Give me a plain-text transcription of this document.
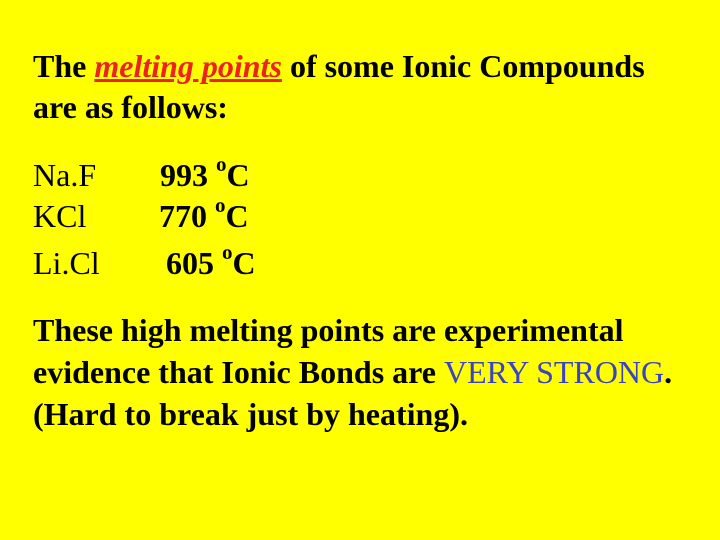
The melting points of some Ionic Compounds are as follows:

Na.F	993 $^o$C
KCl	770 $^o$C
Li.Cl	605 $^o$C

These high melting points are experimental evidence that Ionic Bonds are VERY STRONG. (Hard to break just by heating).
